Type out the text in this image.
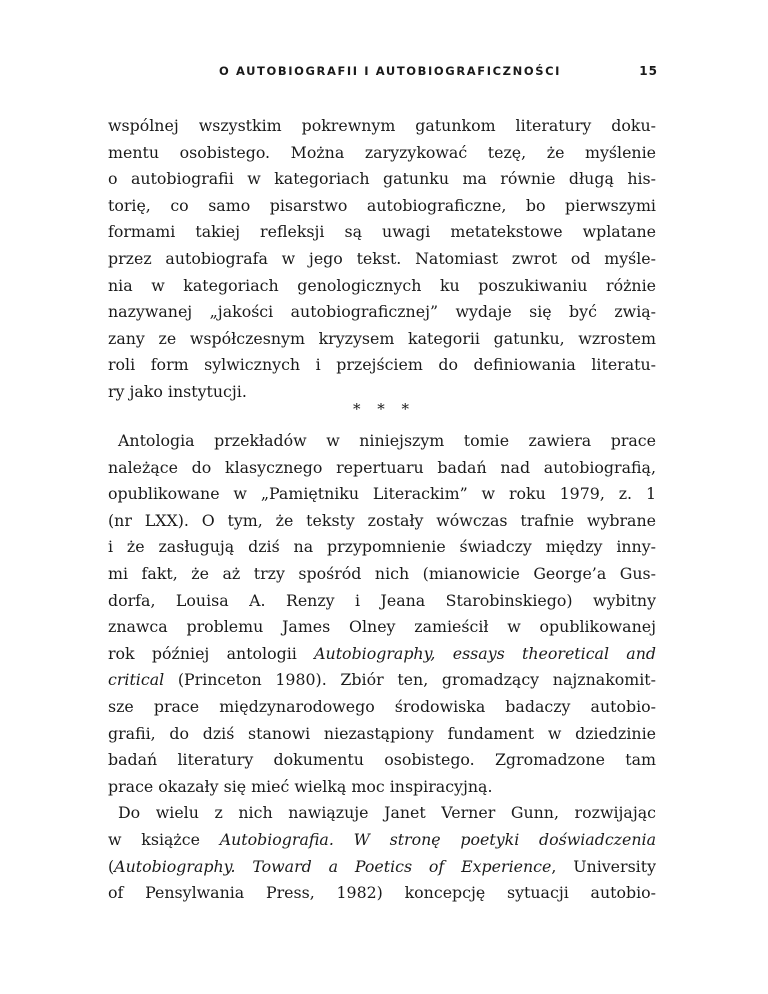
O AUTOBIOGRAFII I AUTOBIOGRAFICZNOŚCI	15
wspólnej wszystkim pokrewnym gatunkom literatury doku-
mentu osobistego. Można zaryzykować tezę, że myślenie
o autobiografii w kategoriach gatunku ma równie długą his-
torię, co samo pisarstwo autobiograficzne, bo pierwszymi
formami takiej refleksji są uwagi metatekstowe wplatane
przez autobiografa w jego tekst. Natomiast zwrot od myśle-
nia w kategoriach genologicznych ku poszukiwaniu różnie
nazywanej „jakości autobiograficznej” wydaje się być zwią-
zany ze współczesnym kryzysem kategorii gatunku, wzrostem
roli form sylwicznych i przejściem do definiowania literatu-
ry jako instytucji.
* * *
Antologia przekładów w niniejszym tomie zawiera prace
należące do klasycznego repertuaru badań nad autobiografią,
opublikowane w „Pamiętniku Literackim” w roku 1979, z. 1
(nr LXX). O tym, że teksty zostały wówczas trafnie wybrane
i że zasługują dziś na przypomnienie świadczy między inny-
mi fakt, że aż trzy spośród nich (mianowicie George’a Gus-
dorfa, Louisa A. Renzy i Jeana Starobinskiego) wybitny
znawca problemu James Olney zamieścił w opublikowanej
rok później antologii Autobiography, essays theoretical and
critical (Princeton 1980). Zbiór ten, gromadzący najznakomit-
sze prace międzynarodowego środowiska badaczy autobio-
grafii, do dziś stanowi niezastąpiony fundament w dziedzinie
badań literatury dokumentu osobistego. Zgromadzone tam
prace okazały się mieć wielką moc inspiracyjną.
Do wielu z nich nawiązuje Janet Verner Gunn, rozwijając
w książce Autobiografia. W stronę poetyki doświadczenia
(Autobiography. Toward a Poetics of Experience, University
of Pensylwania Press, 1982) koncepcję sytuacji autobio-
